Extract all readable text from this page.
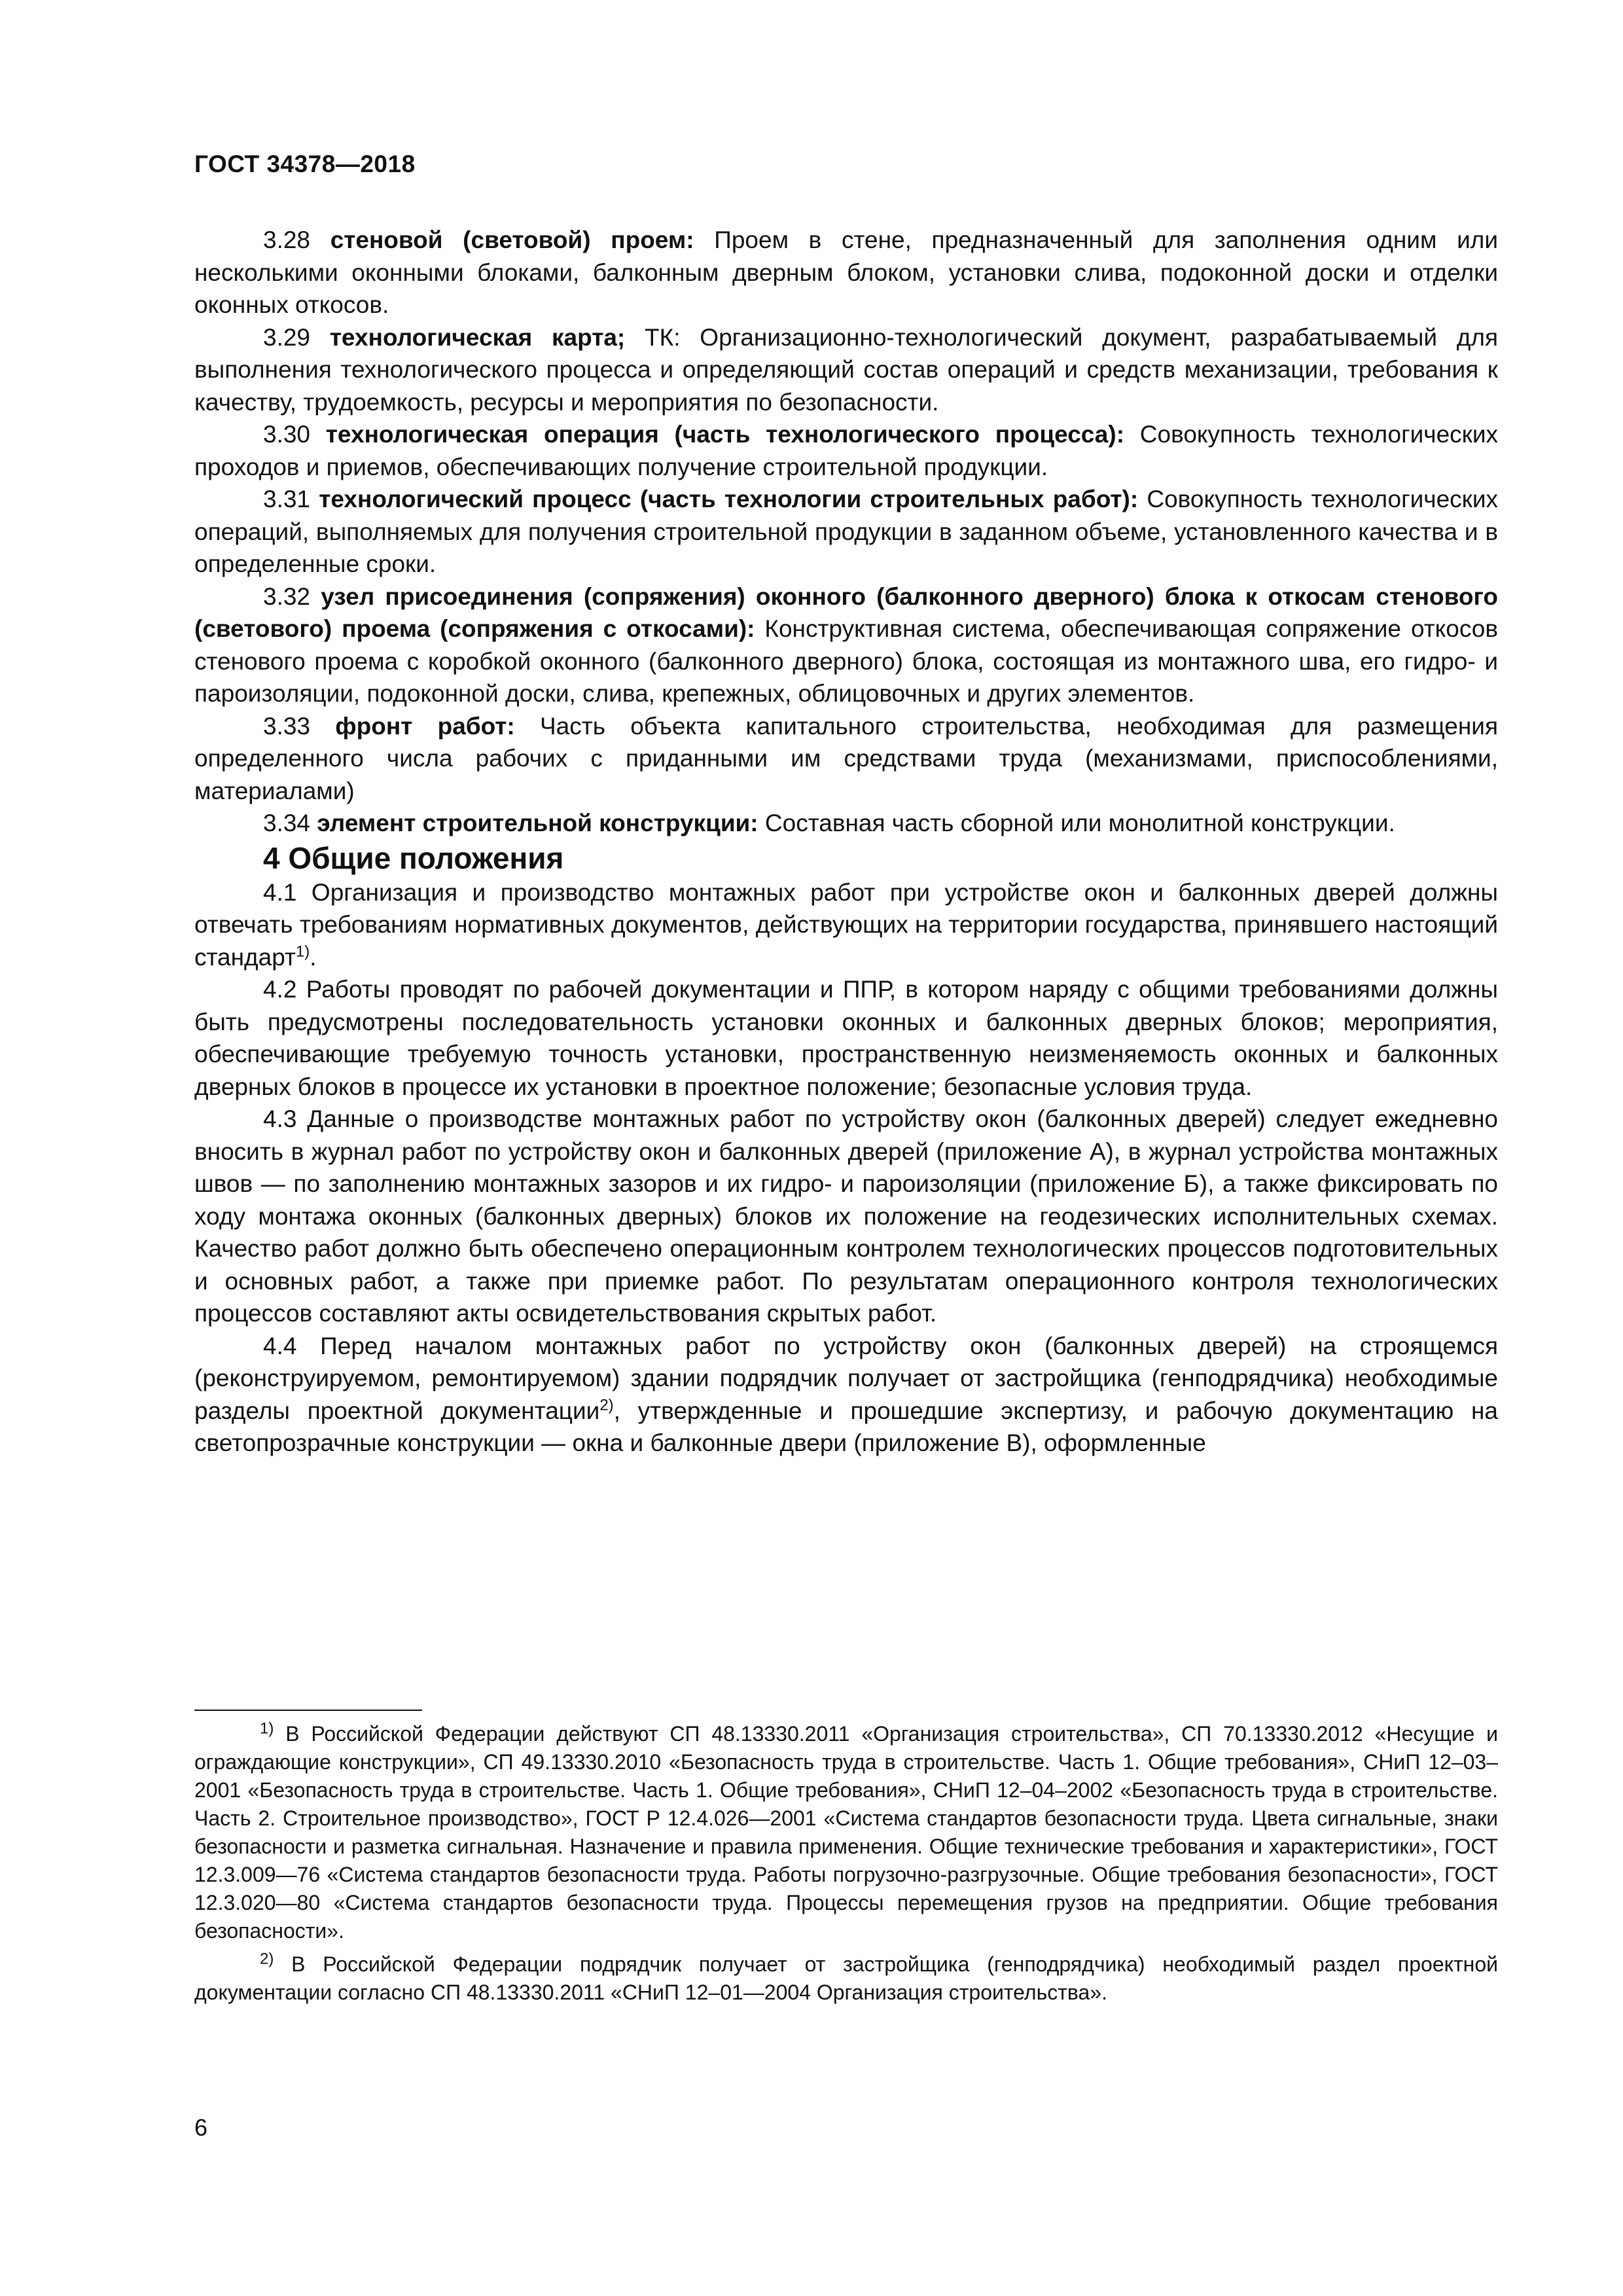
ГОСТ 34378—2018

3.28 стеновой (световой) проем: Проем в стене, предназначенный для заполнения одним или несколькими оконными блоками, балконным дверным блоком, установки слива, подоконной доски и отделки оконных откосов.

3.29 технологическая карта; ТК: Организационно-технологический документ, разрабатываемый для выполнения технологического процесса и определяющий состав операций и средств механизации, требования к качеству, трудоемкость, ресурсы и мероприятия по безопасности.

3.30 технологическая операция (часть технологического процесса): Совокупность технологических проходов и приемов, обеспечивающих получение строительной продукции.

3.31 технологический процесс (часть технологии строительных работ): Совокупность технологических операций, выполняемых для получения строительной продукции в заданном объеме, установленного качества и в определенные сроки.

3.32 узел присоединения (сопряжения) оконного (балконного дверного) блока к откосам стенового (светового) проема (сопряжения с откосами): Конструктивная система, обеспечивающая сопряжение откосов стенового проема с коробкой оконного (балконного дверного) блока, состоящая из монтажного шва, его гидро- и пароизоляции, подоконной доски, слива, крепежных, облицовочных и других элементов.

3.33 фронт работ: Часть объекта капитального строительства, необходимая для размещения определенного числа рабочих с приданными им средствами труда (механизмами, приспособлениями, материалами)

3.34 элемент строительной конструкции: Составная часть сборной или монолитной конструкции.

4 Общие положения

4.1 Организация и производство монтажных работ при устройстве окон и балконных дверей должны отвечать требованиям нормативных документов, действующих на территории государства, принявшего настоящий стандарт$^{1)}$.

4.2 Работы проводят по рабочей документации и ППР, в котором наряду с общими требованиями должны быть предусмотрены последовательность установки оконных и балконных дверных блоков; мероприятия, обеспечивающие требуемую точность установки, пространственную неизменяемость оконных и балконных дверных блоков в процессе их установки в проектное положение; безопасные условия труда.

4.3 Данные о производстве монтажных работ по устройству окон (балконных дверей) следует ежедневно вносить в журнал работ по устройству окон и балконных дверей (приложение А), в журнал устройства монтажных швов — по заполнению монтажных зазоров и их гидро- и пароизоляции (приложение Б), а также фиксировать по ходу монтажа оконных (балконных дверных) блоков их положение на геодезических исполнительных схемах. Качество работ должно быть обеспечено операционным контролем технологических процессов подготовительных и основных работ, а также при приемке работ. По результатам операционного контроля технологических процессов составляют акты освидетельствования скрытых работ.

4.4 Перед началом монтажных работ по устройству окон (балконных дверей) на строящемся (реконструируемом, ремонтируемом) здании подрядчик получает от застройщика (генподрядчика) необходимые разделы проектной документации$^{2)}$, утвержденные и прошедшие экспертизу, и рабочую документацию на светопрозрачные конструкции — окна и балконные двери (приложение В), оформленные

$^{1)}$ В Российской Федерации действуют СП 48.13330.2011 «Организация строительства», СП 70.13330.2012 «Несущие и ограждающие конструкции», СП 49.13330.2010 «Безопасность труда в строительстве. Часть 1. Общие требования», СНиП 12–03–2001 «Безопасность труда в строительстве. Часть 1. Общие требования», СНиП 12–04–2002 «Безопасность труда в строительстве. Часть 2. Строительное производство», ГОСТ Р 12.4.026—2001 «Система стандартов безопасности труда. Цвета сигнальные, знаки безопасности и разметка сигнальная. Назначение и правила применения. Общие технические требования и характеристики», ГОСТ 12.3.009—76 «Система стандартов безопасности труда. Работы погрузочно-разгрузочные. Общие требования безопасности», ГОСТ 12.3.020—80 «Система стандартов безопасности труда. Процессы перемещения грузов на предприятии. Общие требования безопасности».

$^{2)}$ В Российской Федерации подрядчик получает от застройщика (генподрядчика) необходимый раздел проектной документации согласно СП 48.13330.2011 «СНиП 12–01—2004 Организация строительства».

6
